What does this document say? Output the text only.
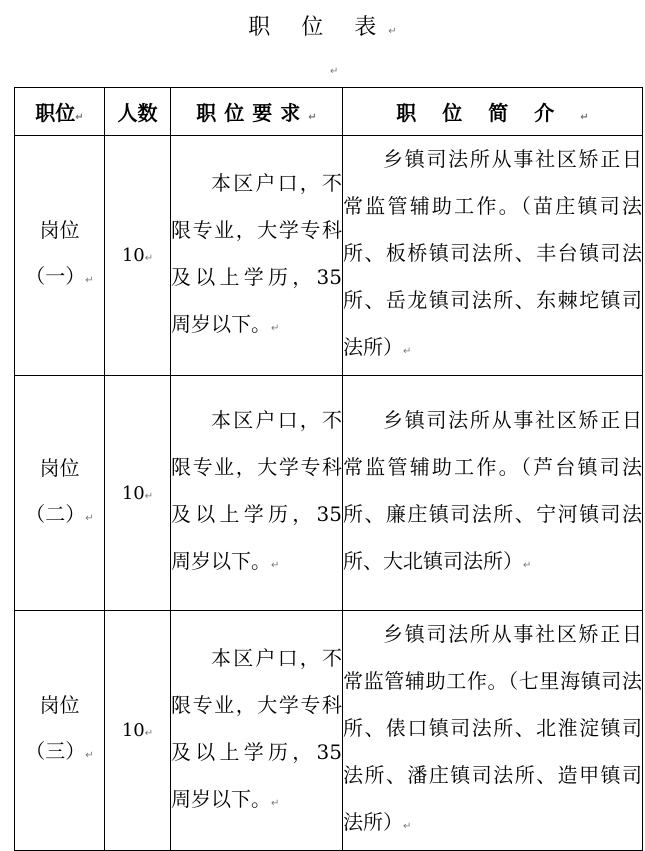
职 位 表↵
↵
职位↵	人数	职位要求↵	职位简介↵

岗位
（一）↵	10↵	本区户口，不限专业，大学专科及以上学历，35 周岁以下。↵	乡镇司法所从事社区矫正日常监管辅助工作。（苗庄镇司法所、板桥镇司法所、丰台镇司法所、岳龙镇司法所、东棘坨镇司法所）↵

岗位
（二）↵	10↵	本区户口，不限专业，大学专科及以上学历，35 周岁以下。↵	乡镇司法所从事社区矫正日常监管辅助工作。（芦台镇司法所、廉庄镇司法所、宁河镇司法所、大北镇司法所）↵

岗位
（三）↵	10↵	本区户口，不限专业，大学专科及以上学历，35 周岁以下。↵	乡镇司法所从事社区矫正日常监管辅助工作。（七里海镇司法所、俵口镇司法所、北淮淀镇司法所、潘庄镇司法所、造甲镇司法所）↵
